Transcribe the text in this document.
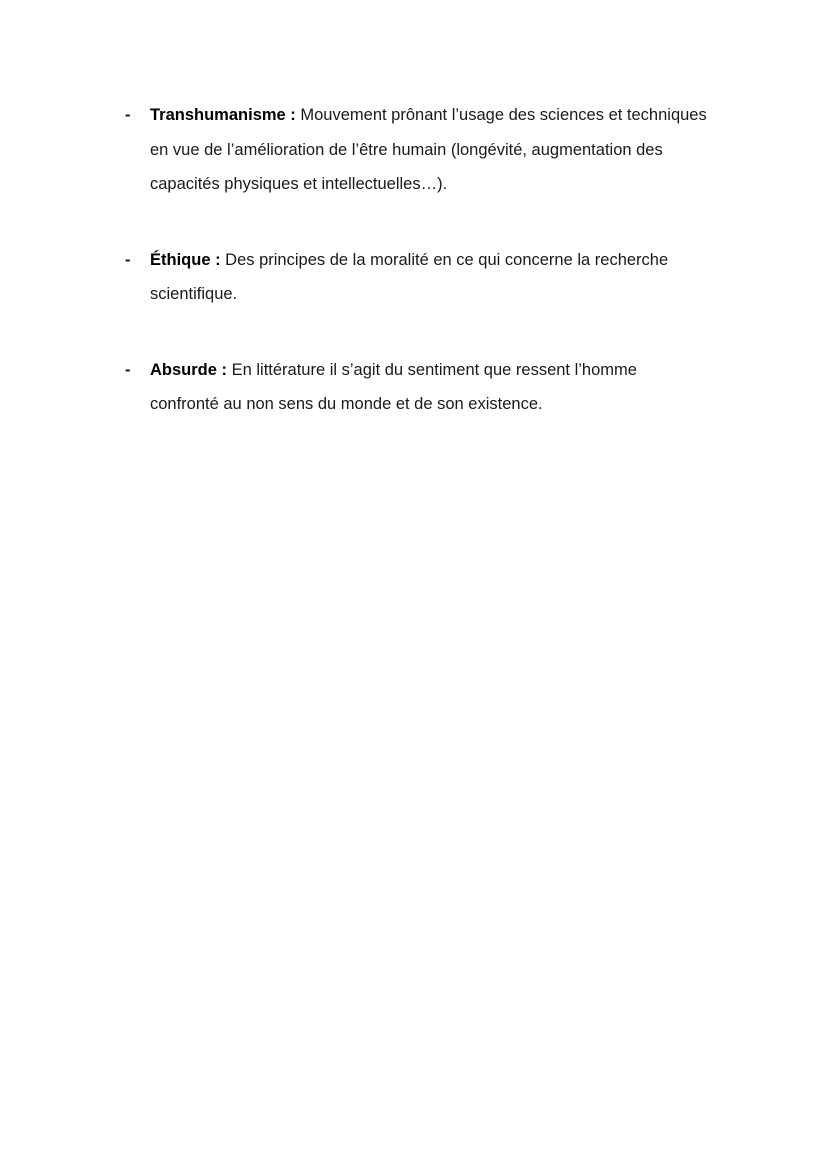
- Transhumanisme : Mouvement prônant l’usage des sciences et techniques en vue de l’amélioration de l’être humain (longévité, augmentation des capacités physiques et intellectuelles…).
- Éthique : Des principes de la moralité en ce qui concerne la recherche scientifique.
- Absurde : En littérature il s’agit du sentiment que ressent l’homme confronté au non sens du monde et de son existence.
